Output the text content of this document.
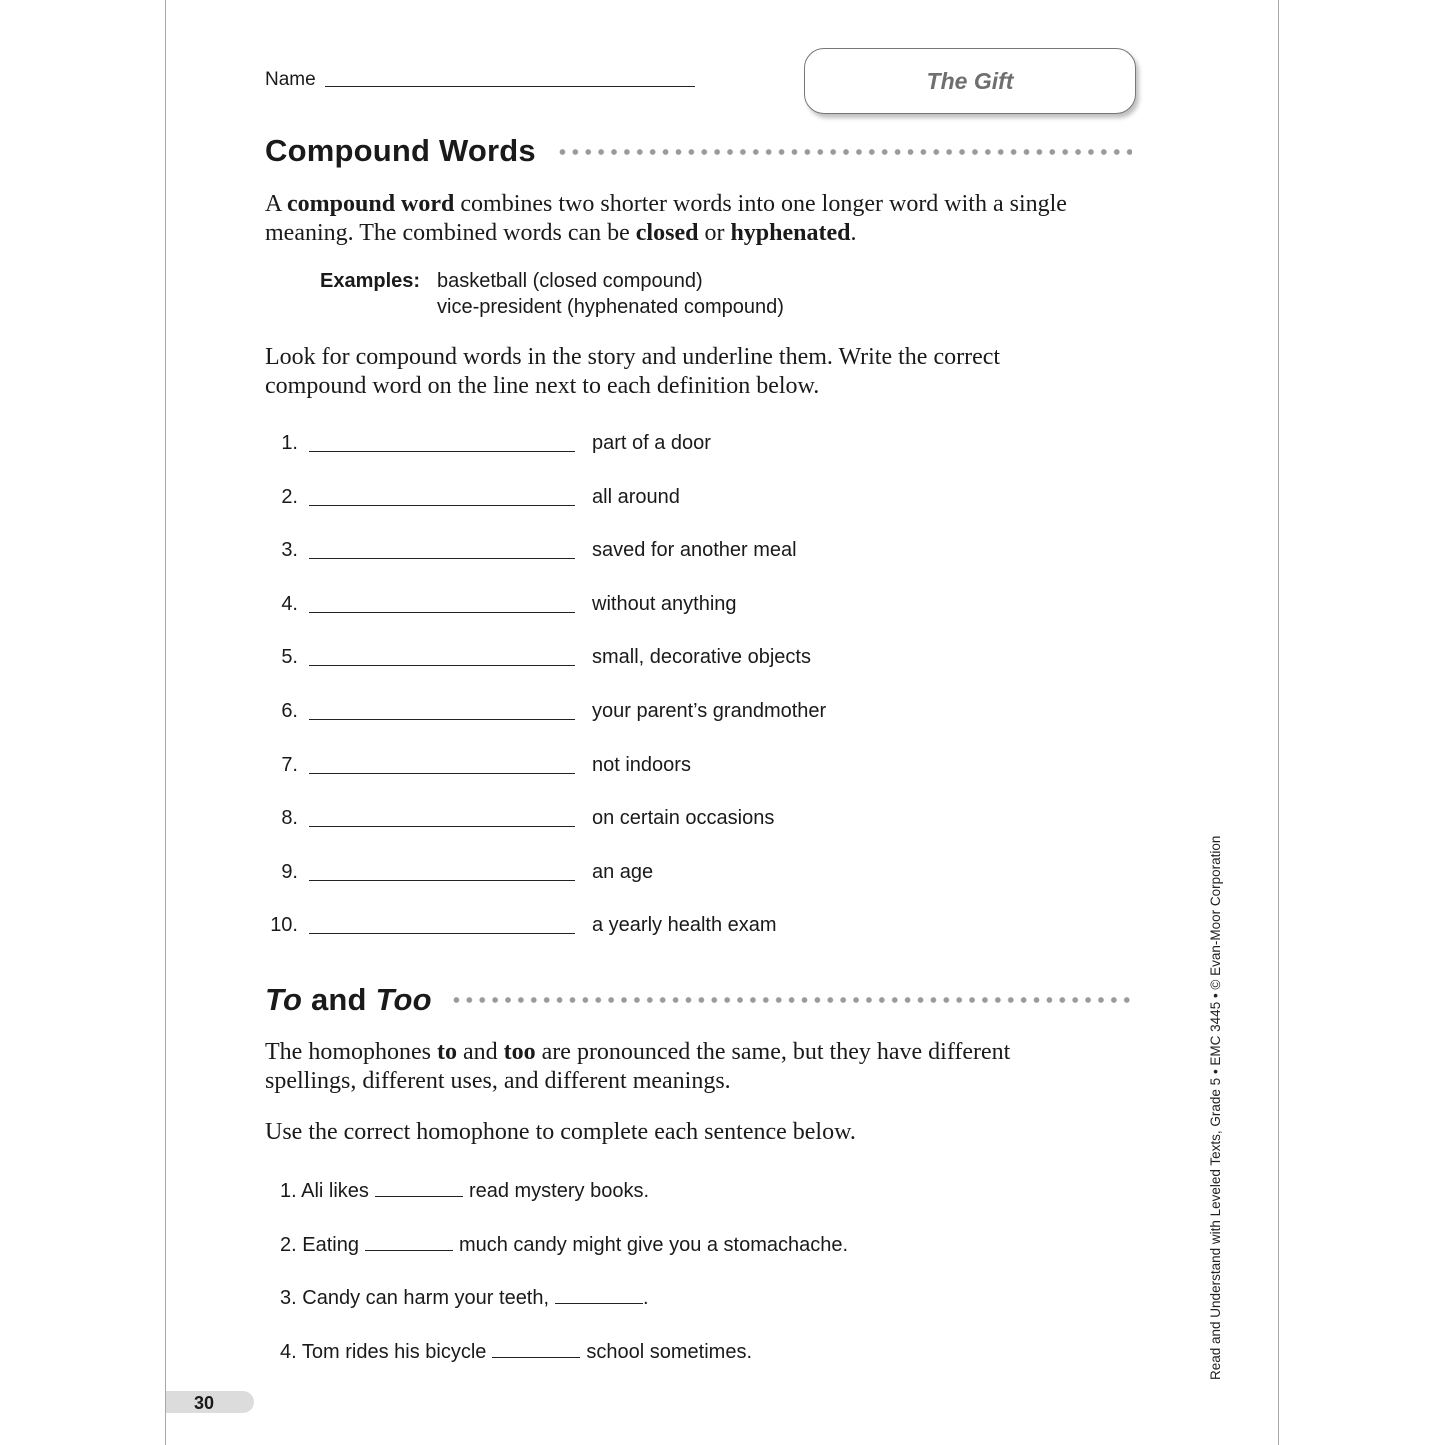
Name	The Gift
Compound Words
A compound word combines two shorter words into one longer word with a single meaning. The combined words can be closed or hyphenated.
Examples: basketball (closed compound)
vice-president (hyphenated compound)
Look for compound words in the story and underline them. Write the correct compound word on the line next to each definition below.
1.	part of a door
2.	all around
3.	saved for another meal
4.	without anything
5.	small, decorative objects
6.	your parent’s grandmother
7.	not indoors
8.	on certain occasions
9.	an age
10.	a yearly health exam
To and Too
The homophones to and too are pronounced the same, but they have different spellings, different uses, and different meanings.
Use the correct homophone to complete each sentence below.
1. Ali likes	read mystery books.
2. Eating	much candy might give you a stomachache.
3. Candy can harm your teeth,	.
4. Tom rides his bicycle	school sometimes.
30
Read and Understand with Leveled Texts, Grade 5 • EMC 3445 • © Evan-Moor Corporation
